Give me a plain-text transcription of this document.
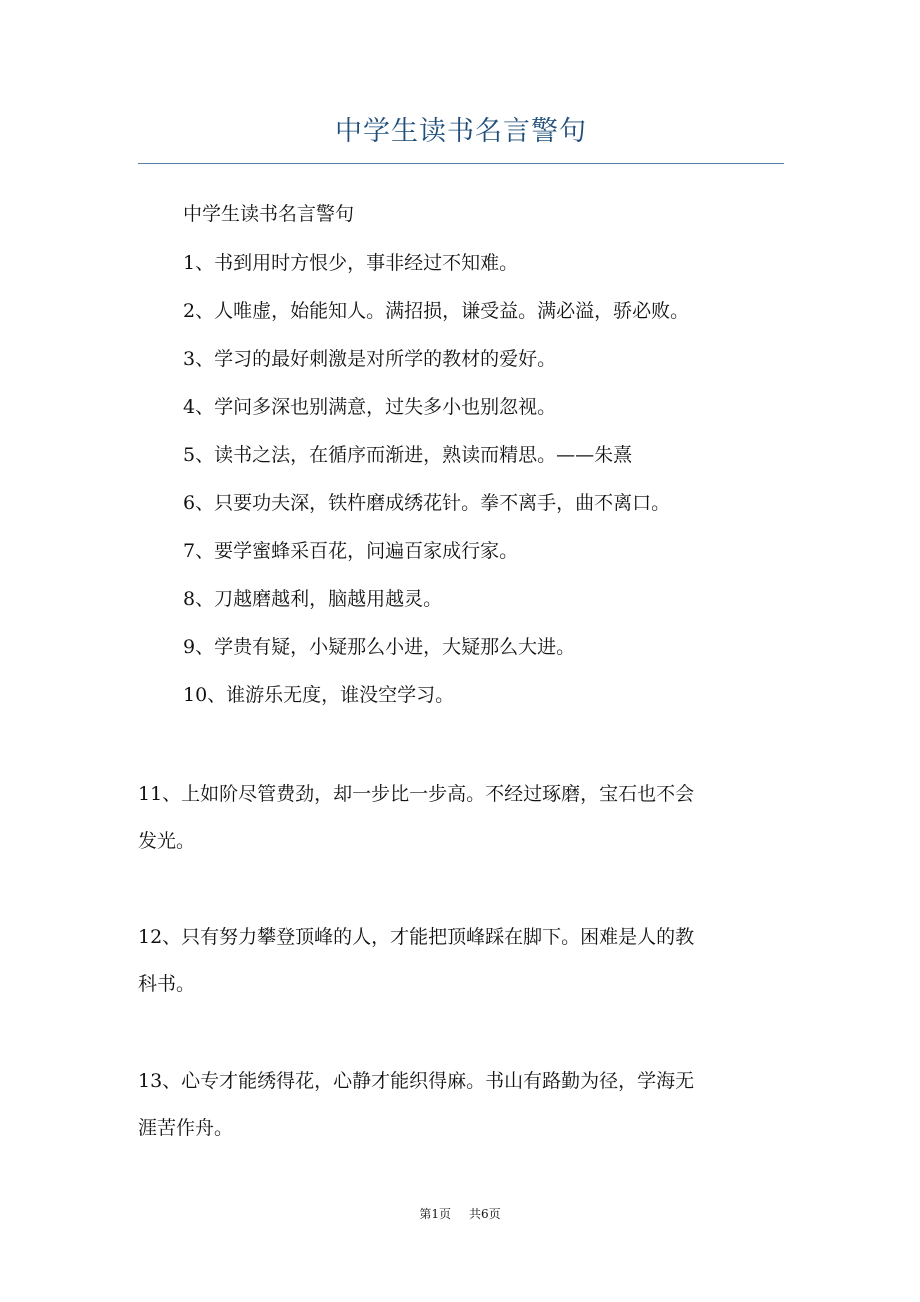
中学生读书名言警句
中学生读书名言警句
1、书到用时方恨少，事非经过不知难。
2、人唯虚，始能知人。满招损，谦受益。满必溢，骄必败。
3、学习的最好刺激是对所学的教材的爱好。
4、学问多深也别满意，过失多小也别忽视。
5、读书之法，在循序而渐进，熟读而精思。——朱熹
6、只要功夫深，铁杵磨成绣花针。拳不离手，曲不离口。
7、要学蜜蜂采百花，问遍百家成行家。
8、刀越磨越利，脑越用越灵。
9、学贵有疑，小疑那么小进，大疑那么大进。
10、谁游乐无度，谁没空学习。
11、上如阶尽管费劲，却一步比一步高。不经过琢磨，宝石也不会
发光。
12、只有努力攀登顶峰的人，才能把顶峰踩在脚下。困难是人的教
科书。
13、心专才能绣得花，心静才能织得麻。书山有路勤为径，学海无
涯苦作舟。
第1页 共6页
